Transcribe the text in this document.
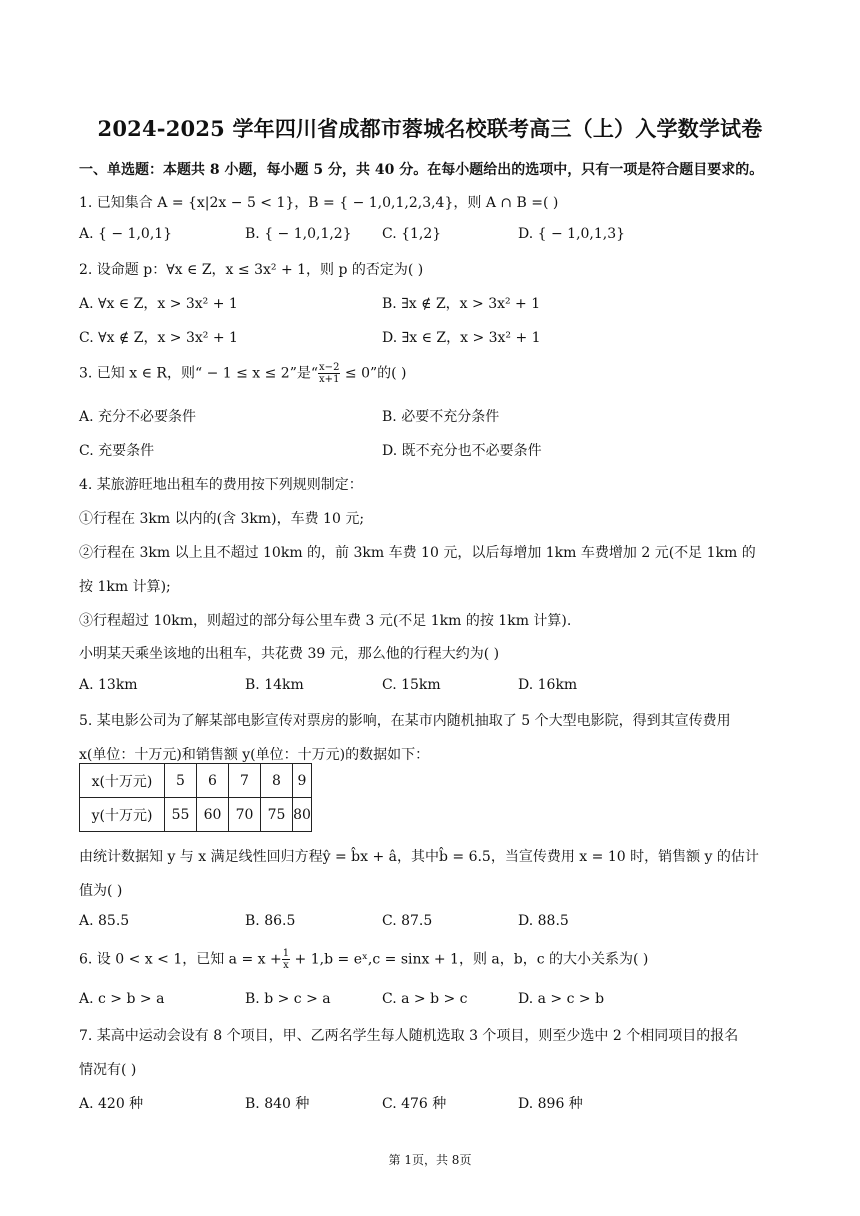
2024-2025 学年四川省成都市蓉城名校联考高三（上）入学数学试卷
一、单选题：本题共 8 小题，每小题 5 分，共 40 分。在每小题给出的选项中，只有一项是符合题目要求的。
1. 已知集合 A = {x|2x − 5 < 1}，B = { − 1,0,1,2,3,4}，则 A ∩ B =( )
A. { − 1,0,1}	B. { − 1,0,1,2} C. {1,2}	D. { − 1,0,1,3}
2. 设命题 p：∀x ∈ Z，x ≤ 3x² + 1，则 p 的否定为( )
A. ∀x ∈ Z，x > 3x² + 1	B. ∃x ∉ Z，x > 3x² + 1
C. ∀x ∉ Z，x > 3x² + 1	D. ∃x ∈ Z，x > 3x² + 1
3. 已知 x ∈ R，则“ − 1 ≤ x ≤ 2”是“ $\frac{x-2}{x+1} \le 0$”的( )
A. 充分不必要条件	B. 必要不充分条件
C. 充要条件	D. 既不充分也不必要条件
4. 某旅游旺地出租车的费用按下列规则制定：
①行程在 3km 以内的(含 3km)，车费 10 元;
②行程在 3km 以上且不超过 10km 的，前 3km 车费 10 元，以后每增加 1km 车费增加 2 元(不足 1km 的
按 1km 计算);
③行程超过 10km，则超过的部分每公里车费 3 元(不足 1km 的按 1km 计算).
小明某天乘坐该地的出租车，共花费 39 元，那么他的行程大约为( )
A. 13km	B. 14km	C. 15km	D. 16km
5. 某电影公司为了解某部电影宣传对票房的影响，在某市内随机抽取了 5 个大型电影院，得到其宣传费用
x(单位：十万元)和销售额 y(单位：十万元)的数据如下：
x(十万元)	5	6	7	8	9
y(十万元)	55	60	70	75	80
由统计数据知 y 与 x 满足线性回归方程ŷ = b̂x + â，其中b̂ = 6.5，当宣传费用 x = 10 时，销售额 y 的估计
值为( )
A. 85.5	B. 86.5	C. 87.5	D. 88.5
6. 设 0 < x < 1，已知 $a = x + \frac{1}{x} + 1,b$ = eˣ,c = sinx + 1，则 a，b，c 的大小关系为( )
A. c > b > a	B. b > c > a	C. a > b > c	D. a > c > b
7. 某高中运动会设有 8 个项目，甲、乙两名学生每人随机选取 3 个项目，则至少选中 2 个相同项目的报名
情况有( )
A. 420 种	B. 840 种	C. 476 种	D. 896 种
第 1页，共 8页
